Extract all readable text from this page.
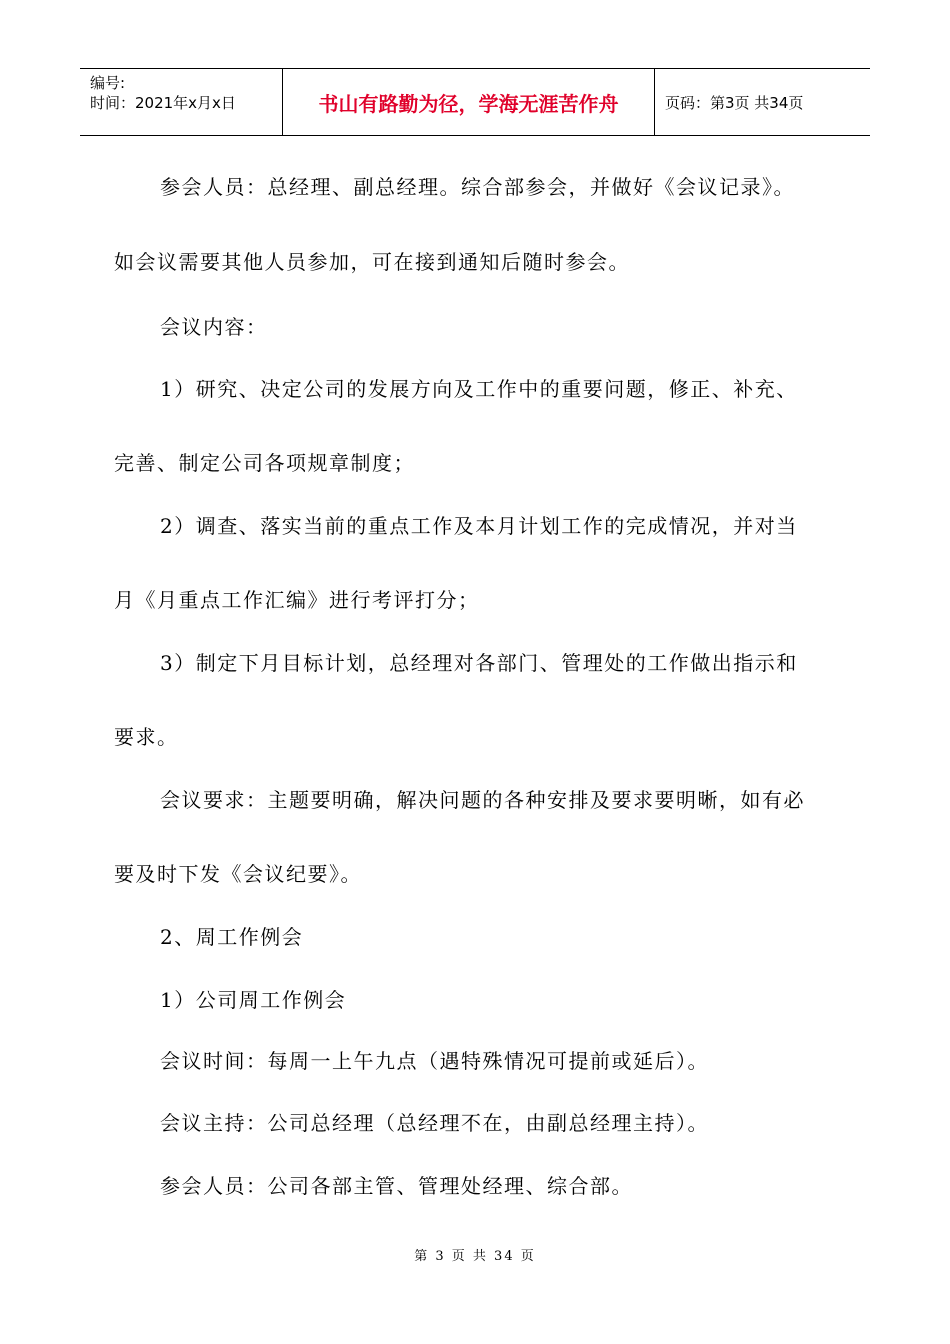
编号:
时间：2021年x月x日	书山有路勤为径，学海无涯苦作舟	页码：第3页 共34页
参会人员：总经理、副总经理。综合部参会，并做好《会议记录》。
如会议需要其他人员参加，可在接到通知后随时参会。
会议内容：
1）研究、决定公司的发展方向及工作中的重要问题，修正、补充、
完善、制定公司各项规章制度；
2）调查、落实当前的重点工作及本月计划工作的完成情况，并对当
月《月重点工作汇编》进行考评打分；
3）制定下月目标计划，总经理对各部门、管理处的工作做出指示和
要求。
会议要求：主题要明确，解决问题的各种安排及要求要明晰，如有必
要及时下发《会议纪要》。
2、周工作例会
1）公司周工作例会
会议时间：每周一上午九点（遇特殊情况可提前或延后）。
会议主持：公司总经理（总经理不在，由副总经理主持）。
参会人员：公司各部主管、管理处经理、综合部。
第 3 页 共 34 页
